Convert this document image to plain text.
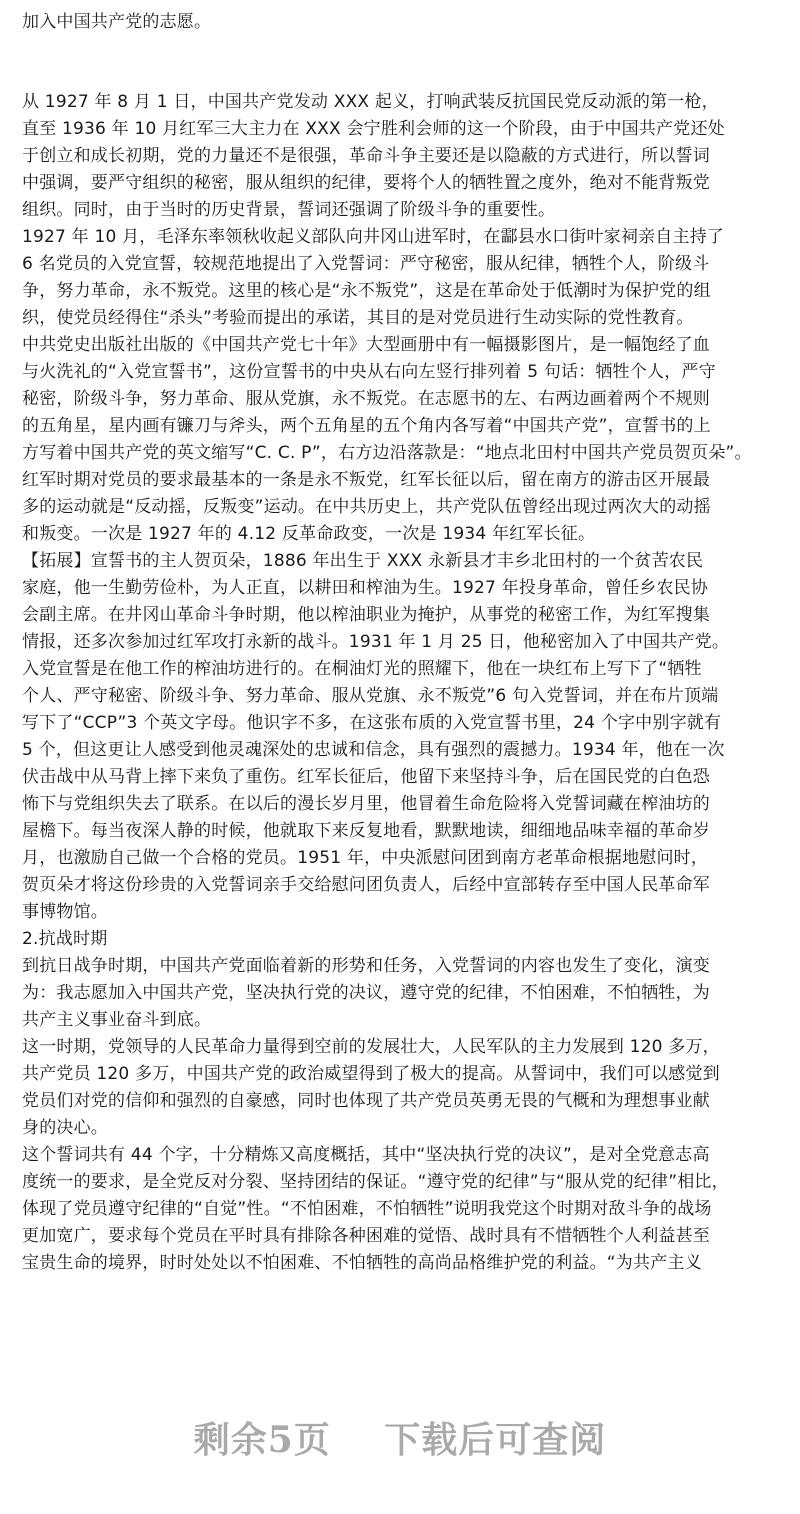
加入中国共产党的志愿。
从 1927 年 8 月 1 日，中国共产党发动 XXX 起义，打响武装反抗国民党反动派的第一枪，
直至 1936 年 10 月红军三大主力在 XXX 会宁胜利会师的这一个阶段，由于中国共产党还处
于创立和成长初期，党的力量还不是很强，革命斗争主要还是以隐蔽的方式进行，所以誓词
中强调，要严守组织的秘密，服从组织的纪律，要将个人的牺牲置之度外，绝对不能背叛党
组织。同时，由于当时的历史背景，誓词还强调了阶级斗争的重要性。
1927 年 10 月，毛泽东率领秋收起义部队向井冈山进军时，在酃县水口街叶家祠亲自主持了
6 名党员的入党宣誓，较规范地提出了入党誓词：严守秘密，服从纪律，牺牲个人，阶级斗
争，努力革命，永不叛党。这里的核心是“永不叛党”，这是在革命处于低潮时为保护党的组
织，使党员经得住“杀头”考验而提出的承诺，其目的是对党员进行生动实际的党性教育。
中共党史出版社出版的《中国共产党七十年》大型画册中有一幅摄影图片，是一幅饱经了血
与火洗礼的“入党宣誓书”，这份宣誓书的中央从右向左竖行排列着 5 句话：牺牲个人，严守
秘密，阶级斗争，努力革命、服从党旗，永不叛党。在志愿书的左、右两边画着两个不规则
的五角星，星内画有镰刀与斧头，两个五角星的五个角内各写着“中国共产党”，宣誓书的上
方写着中国共产党的英文缩写“C. C. P”，右方边沿落款是：“地点北田村中国共产党员贺页朵”。
红军时期对党员的要求最基本的一条是永不叛党，红军长征以后，留在南方的游击区开展最
多的运动就是“反动摇，反叛变”运动。在中共历史上，共产党队伍曾经出现过两次大的动摇
和叛变。一次是 1927 年的 4.12 反革命政变，一次是 1934 年红军长征。
【拓展】宣誓书的主人贺页朵，1886 年出生于 XXX 永新县才丰乡北田村的一个贫苦农民
家庭，他一生勤劳俭朴，为人正直，以耕田和榨油为生。1927 年投身革命，曾任乡农民协
会副主席。在井冈山革命斗争时期，他以榨油职业为掩护，从事党的秘密工作，为红军搜集
情报，还多次参加过红军攻打永新的战斗。1931 年 1 月 25 日，他秘密加入了中国共产党。
入党宣誓是在他工作的榨油坊进行的。在桐油灯光的照耀下，他在一块红布上写下了“牺牲
个人、严守秘密、阶级斗争、努力革命、服从党旗、永不叛党”6 句入党誓词，并在布片顶端
写下了“CCP”3 个英文字母。他识字不多，在这张布质的入党宣誓书里，24 个字中别字就有
5 个，但这更让人感受到他灵魂深处的忠诚和信念，具有强烈的震撼力。1934 年，他在一次
伏击战中从马背上摔下来负了重伤。红军长征后，他留下来坚持斗争，后在国民党的白色恐
怖下与党组织失去了联系。在以后的漫长岁月里，他冒着生命危险将入党誓词藏在榨油坊的
屋檐下。每当夜深人静的时候，他就取下来反复地看，默默地读，细细地品味幸福的革命岁
月，也激励自己做一个合格的党员。1951 年，中央派慰问团到南方老革命根据地慰问时，
贺页朵才将这份珍贵的入党誓词亲手交给慰问团负责人，后经中宣部转存至中国人民革命军
事博物馆。
2.抗战时期
到抗日战争时期，中国共产党面临着新的形势和任务，入党誓词的内容也发生了变化，演变
为：我志愿加入中国共产党，坚决执行党的决议，遵守党的纪律，不怕困难，不怕牺牲，为
共产主义事业奋斗到底。
这一时期，党领导的人民革命力量得到空前的发展壮大，人民军队的主力发展到 120 多万，
共产党员 120 多万，中国共产党的政治威望得到了极大的提高。从誓词中，我们可以感觉到
党员们对党的信仰和强烈的自豪感，同时也体现了共产党员英勇无畏的气概和为理想事业献
身的决心。
这个誓词共有 44 个字，十分精炼又高度概括，其中“坚决执行党的决议”，是对全党意志高
度统一的要求，是全党反对分裂、坚持团结的保证。“遵守党的纪律”与“服从党的纪律”相比，
体现了党员遵守纪律的“自觉”性。“不怕困难，不怕牺牲”说明我党这个时期对敌斗争的战场
更加宽广，要求每个党员在平时具有排除各种困难的觉悟、战时具有不惜牺牲个人利益甚至
宝贵生命的境界，时时处处以不怕困难、不怕牺牲的高尚品格维护党的利益。“为共产主义
剩余5页 下载后可查阅
